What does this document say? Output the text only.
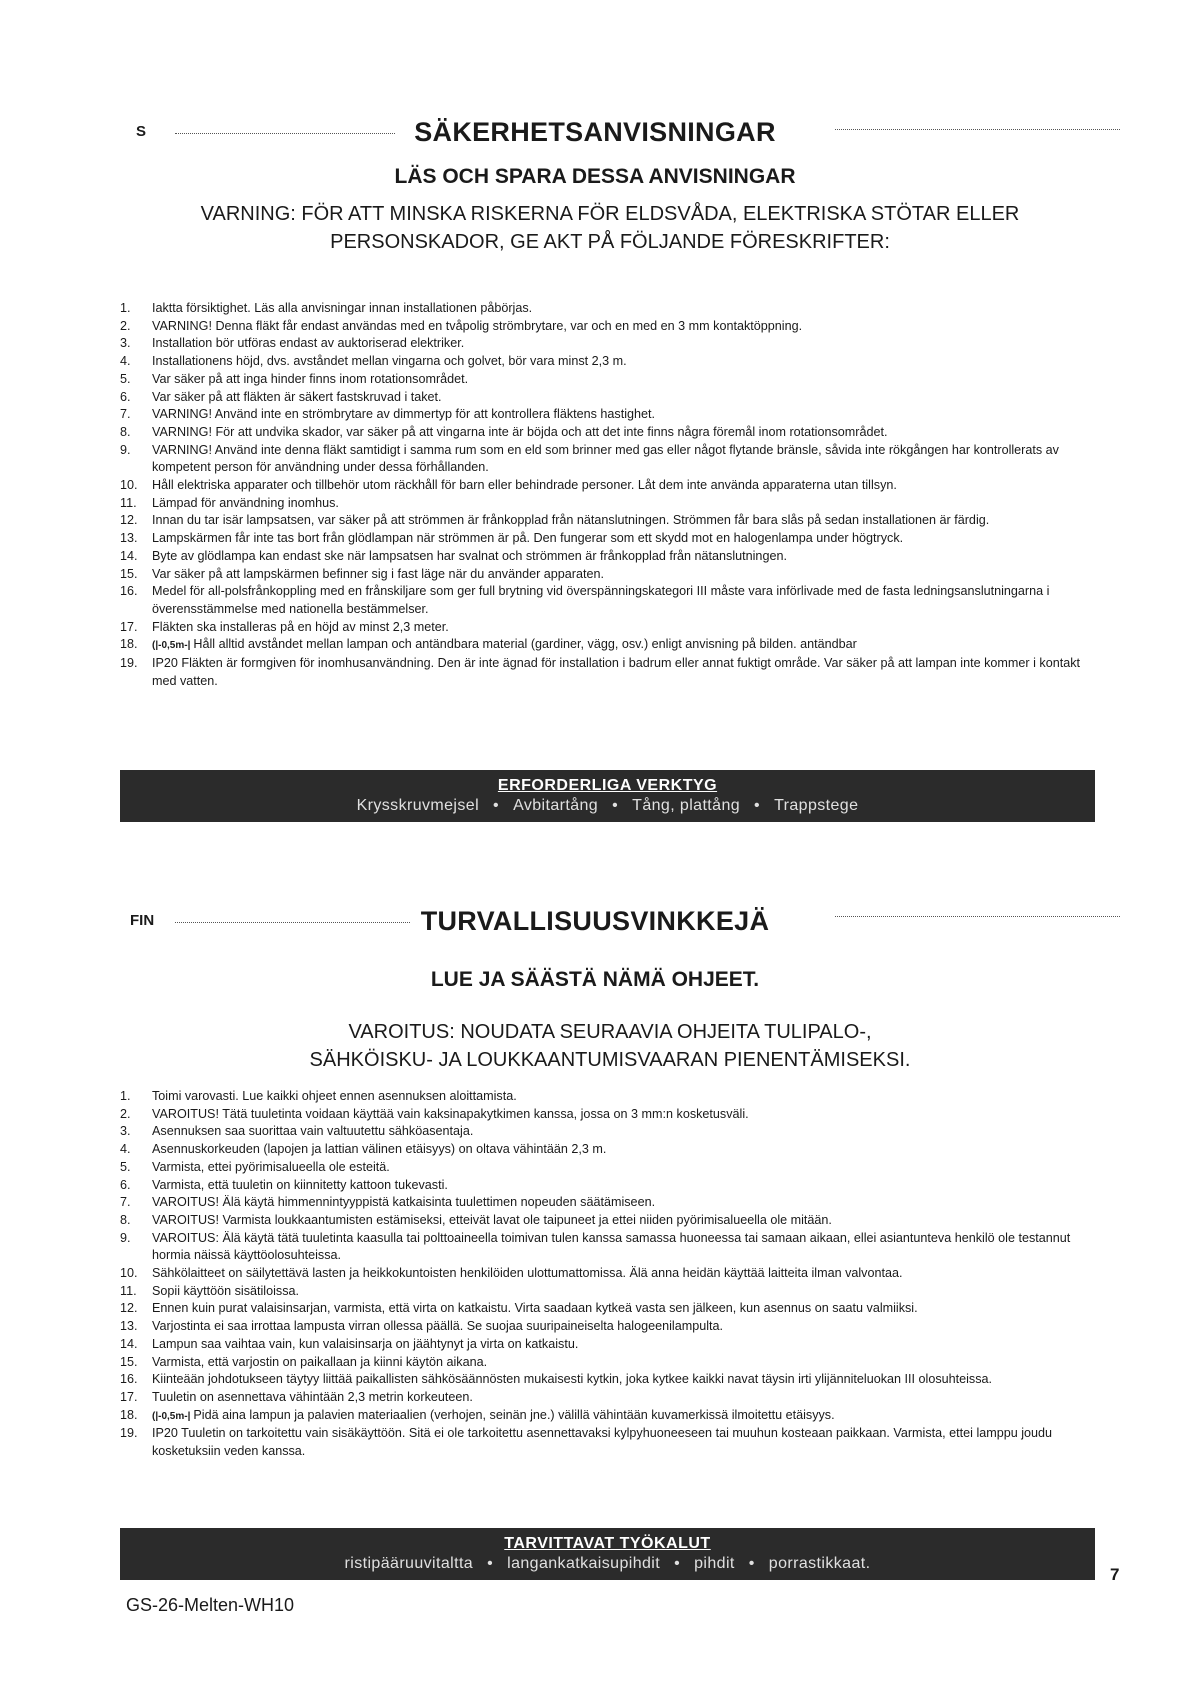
S	SÄKERHETSANVISNINGAR
LÄS OCH SPARA DESSA ANVISNINGAR
VARNING: FÖR ATT MINSKA RISKERNA FÖR ELDSVÅDA, ELEKTRISKA STÖTAR ELLER
PERSONSKADOR, GE AKT PÅ FÖLJANDE FÖRESKRIFTER:
1.	Iaktta försiktighet. Läs alla anvisningar innan installationen påbörjas.
2.	VARNING! Denna fläkt får endast användas med en tvåpolig strömbrytare, var och en med en 3 mm kontaktöppning.
3.	Installation bör utföras endast av auktoriserad elektriker.
4.	Installationens höjd, dvs. avståndet mellan vingarna och golvet, bör vara minst 2,3 m.
5.	Var säker på att inga hinder finns inom rotationsområdet.
6.	Var säker på att fläkten är säkert fastskruvad i taket.
7.	VARNING! Använd inte en strömbrytare av dimmertyp för att kontrollera fläktens hastighet.
8.	VARNING! För att undvika skador, var säker på att vingarna inte är böjda och att det inte finns några föremål inom rotationsområdet.
9.	VARNING! Använd inte denna fläkt samtidigt i samma rum som en eld som brinner med gas eller något flytande bränsle, såvida inte rökgången har kontrollerats av kompetent person för användning under dessa förhållanden.
10.	Håll elektriska apparater och tillbehör utom räckhåll för barn eller behindrade personer. Låt dem inte använda apparaterna utan tillsyn.
11.	Lämpad för användning inomhus.
12.	Innan du tar isär lampsatsen, var säker på att strömmen är frånkopplad från nätanslutningen. Strömmen får bara slås på sedan installationen är färdig.
13.	Lampskärmen får inte tas bort från glödlampan när strömmen är på. Den fungerar som ett skydd mot en halogenlampa under högtryck.
14.	Byte av glödlampa kan endast ske när lampsatsen har svalnat och strömmen är frånkopplad från nätanslutningen.
15.	Var säker på att lampskärmen befinner sig i fast läge när du använder apparaten.
16.	Medel för all-polsfrånkoppling med en frånskiljare som ger full brytning vid överspänningskategori III måste vara införlivade med de fasta ledningsanslutningarna i överensstämmelse med nationella bestämmelser.
17.	Fläkten ska installeras på en höjd av minst 2,3 meter.
18.	(|-0,5m-| Håll alltid avståndet mellan lampan och antändbara material (gardiner, vägg, osv.) enligt anvisning på bilden. antändbar
19.	IP20 Fläkten är formgiven för inomhusanvändning. Den är inte ägnad för installation i badrum eller annat fuktigt område. Var säker på att lampan inte kommer i kontakt med vatten.
ERFORDERLIGA VERKTYG
Krysskruvmejsel • Avbitartång • Tång, plattång • Trappstege
FIN	TURVALLISUUSVINKKEJÄ
LUE JA SÄÄSTÄ NÄMÄ OHJEET.
VAROITUS: NOUDATA SEURAAVIA OHJEITA TULIPALO-,
SÄHKÖISKU- JA LOUKKAANTUMISVAARAN PIENENTÄMISEKSI.
1.	Toimi varovasti. Lue kaikki ohjeet ennen asennuksen aloittamista.
2.	VAROITUS! Tätä tuuletinta voidaan käyttää vain kaksinapakytkimen kanssa, jossa on 3 mm:n kosketusväli.
3.	Asennuksen saa suorittaa vain valtuutettu sähköasentaja.
4.	Asennuskorkeuden (lapojen ja lattian välinen etäisyys) on oltava vähintään 2,3 m.
5.	Varmista, ettei pyörimisalueella ole esteitä.
6.	Varmista, että tuuletin on kiinnitetty kattoon tukevasti.
7.	VAROITUS! Älä käytä himmennintyyppistä katkaisinta tuulettimen nopeuden säätämiseen.
8.	VAROITUS! Varmista loukkaantumisten estämiseksi, etteivät lavat ole taipuneet ja ettei niiden pyörimisalueella ole mitään.
9.	VAROITUS: Älä käytä tätä tuuletinta kaasulla tai polttoaineella toimivan tulen kanssa samassa huoneessa tai samaan aikaan, ellei asiantunteva henkilö ole testannut hormia näissä käyttöolosuhteissa.
10.	Sähkölaitteet on säilytettävä lasten ja heikkokuntoisten henkilöiden ulottumattomissa. Älä anna heidän käyttää laitteita ilman valvontaa.
11.	Sopii käyttöön sisätiloissa.
12.	Ennen kuin purat valaisinsarjan, varmista, että virta on katkaistu. Virta saadaan kytkeä vasta sen jälkeen, kun asennus on saatu valmiiksi.
13.	Varjostinta ei saa irrottaa lampusta virran ollessa päällä. Se suojaa suuripaineiselta halogeenilampulta.
14.	Lampun saa vaihtaa vain, kun valaisinsarja on jäähtynyt ja virta on katkaistu.
15.	Varmista, että varjostin on paikallaan ja kiinni käytön aikana.
16.	Kiinteään johdotukseen täytyy liittää paikallisten sähkösäännösten mukaisesti kytkin, joka kytkee kaikki navat täysin irti ylijänniteluokan III olosuhteissa.
17.	Tuuletin on asennettava vähintään 2,3 metrin korkeuteen.
18.	(|-0,5m-| Pidä aina lampun ja palavien materiaalien (verhojen, seinän jne.) välillä vähintään kuvamerkissä ilmoitettu etäisyys.
19.	IP20 Tuuletin on tarkoitettu vain sisäkäyttöön. Sitä ei ole tarkoitettu asennettavaksi kylpyhuoneeseen tai muuhun kosteaan paikkaan. Varmista, ettei lamppu joudu kosketuksiin veden kanssa.
TARVITTAVAT TYÖKALUT
ristipääruuvitaltta • langankatkaisupihdit • pihdit • porrastikkaat.
7
GS-26-Melten-WH10
